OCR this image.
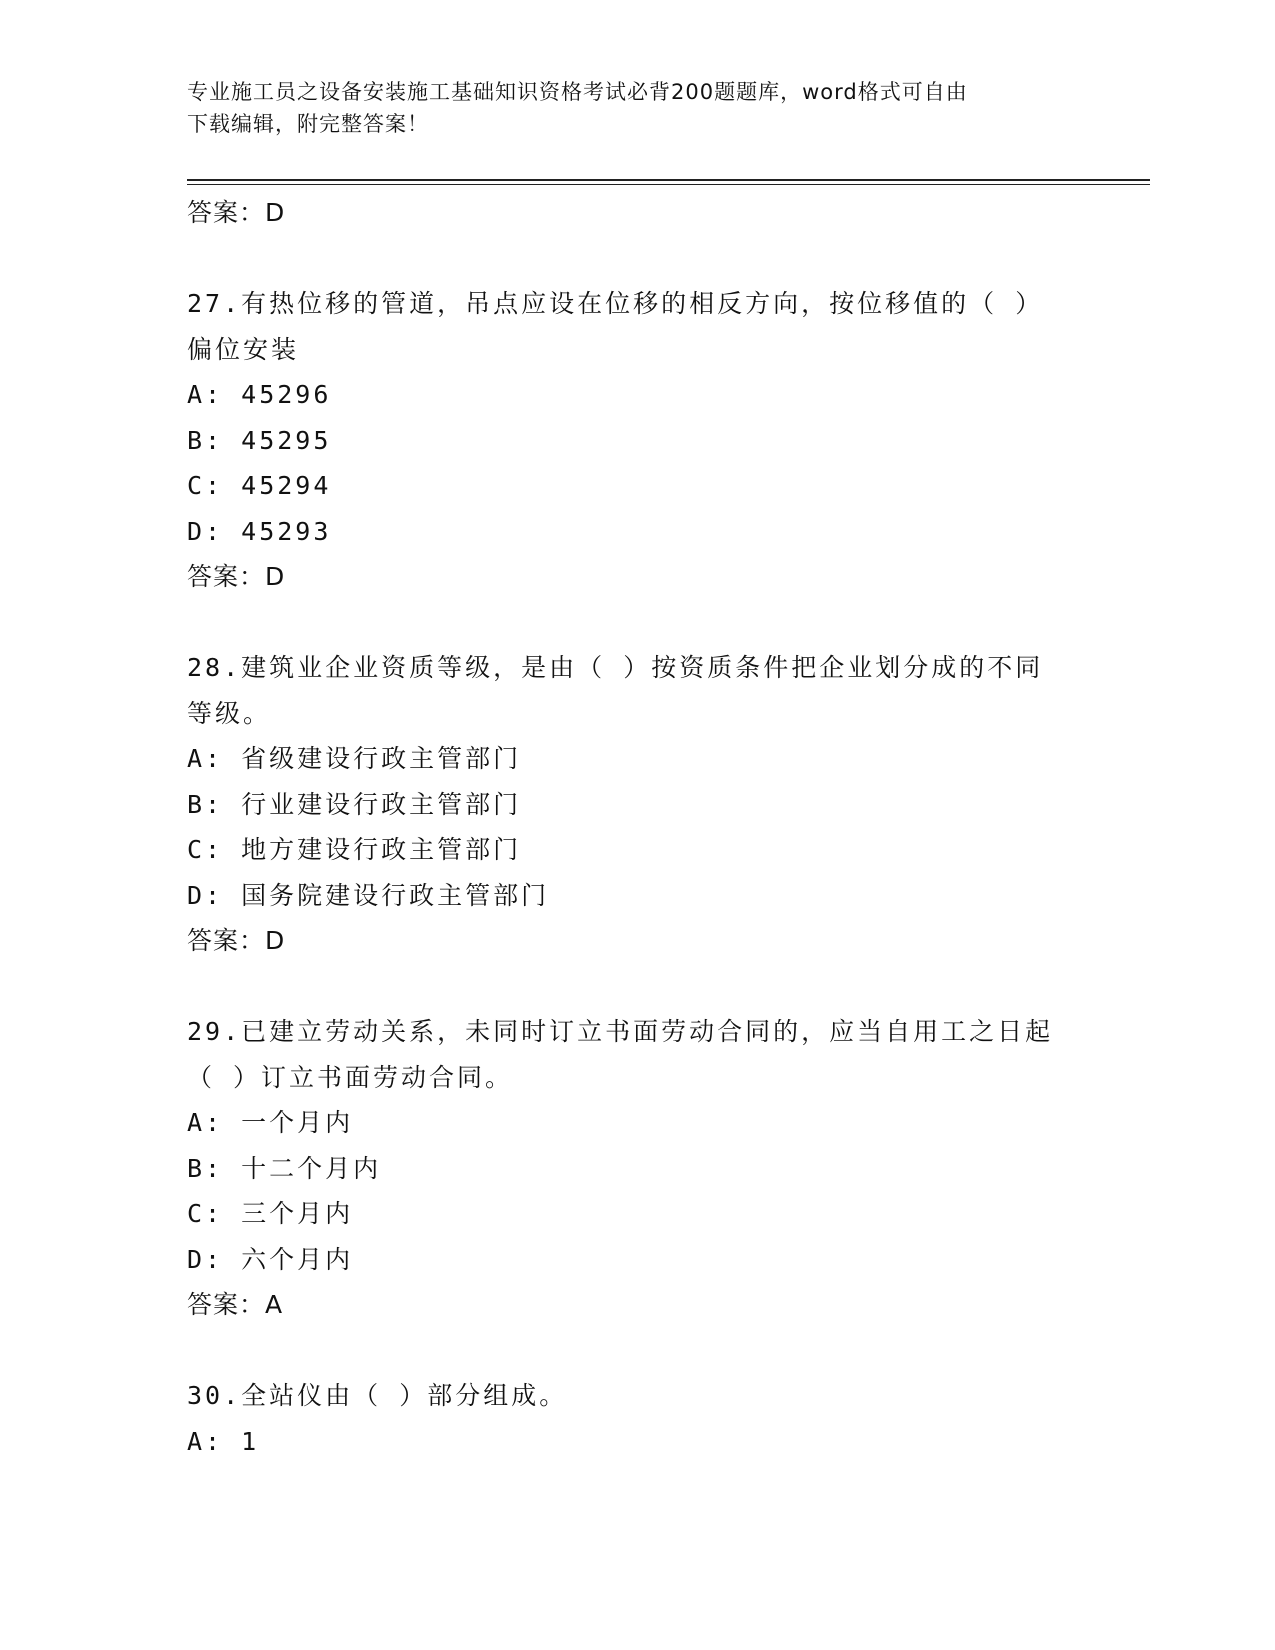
专业施工员之设备安装施工基础知识资格考试必背200题题库，word格式可自由
下载编辑，附完整答案！
答案：D
27.有热位移的管道，吊点应设在位移的相反方向，按位移值的（ ）
偏位安装
A: 45296
B: 45295
C: 45294
D: 45293
答案：D
28.建筑业企业资质等级，是由（ ）按资质条件把企业划分成的不同
等级。
A: 省级建设行政主管部门
B: 行业建设行政主管部门
C: 地方建设行政主管部门
D: 国务院建设行政主管部门
答案：D
29.已建立劳动关系，未同时订立书面劳动合同的，应当自用工之日起
（ ）订立书面劳动合同。
A: 一个月内
B: 十二个月内
C: 三个月内
D: 六个月内
答案：A
30.全站仪由（ ）部分组成。
A: 1
